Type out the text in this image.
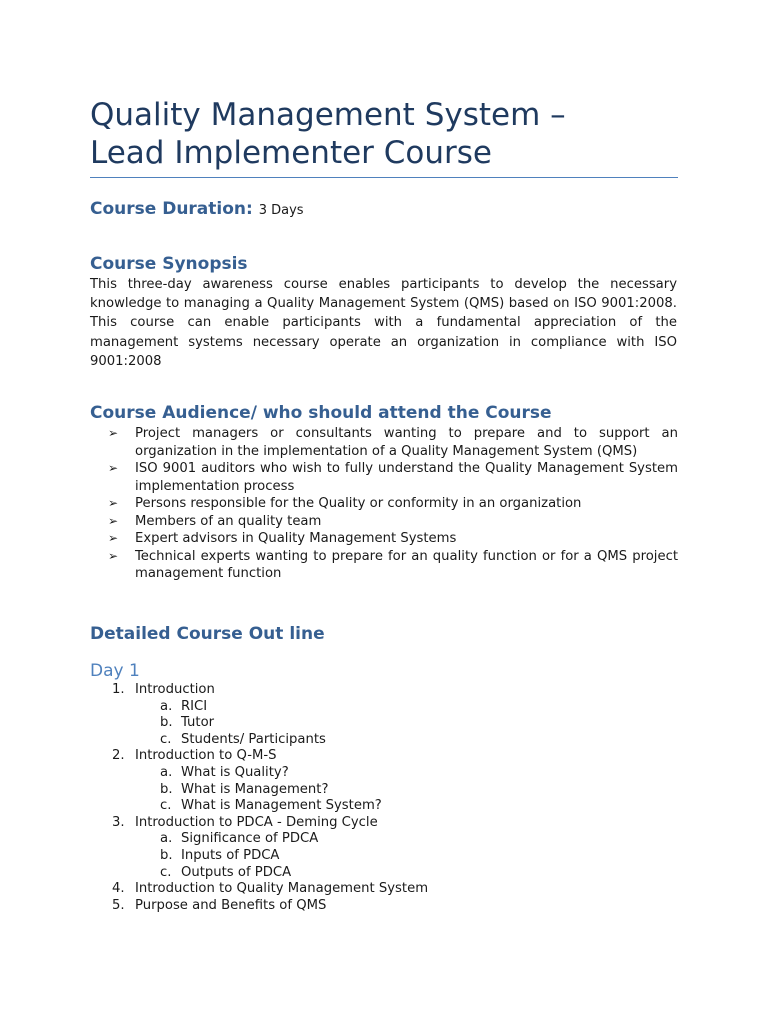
Quality Management System –
Lead Implementer Course
Course Duration: 3 Days
Course Synopsis

This three-day awareness course enables participants to develop the necessary knowledge to managing a Quality Management System (QMS) based on ISO 9001:2008. This course can enable participants with a fundamental appreciation of the management systems necessary operate an organization in compliance with ISO 9001:2008

Course Audience/ who should attend the Course
➢ Project managers or consultants wanting to prepare and to support an organization in the implementation of a Quality Management System (QMS)
➢ ISO 9001 auditors who wish to fully understand the Quality Management System implementation process
➢ Persons responsible for the Quality or conformity in an organization
➢ Members of an quality team
➢ Expert advisors in Quality Management Systems
➢ Technical experts wanting to prepare for an quality function or for a QMS project management function
Detailed Course Out line
Day 1
1. Introduction
a. RICI
b. Tutor
c. Students/ Participants
2. Introduction to Q-M-S
a. What is Quality?
b. What is Management?
c. What is Management System?
3. Introduction to PDCA - Deming Cycle
a. Significance of PDCA
b. Inputs of PDCA
c. Outputs of PDCA
4. Introduction to Quality Management System
5. Purpose and Benefits of QMS
